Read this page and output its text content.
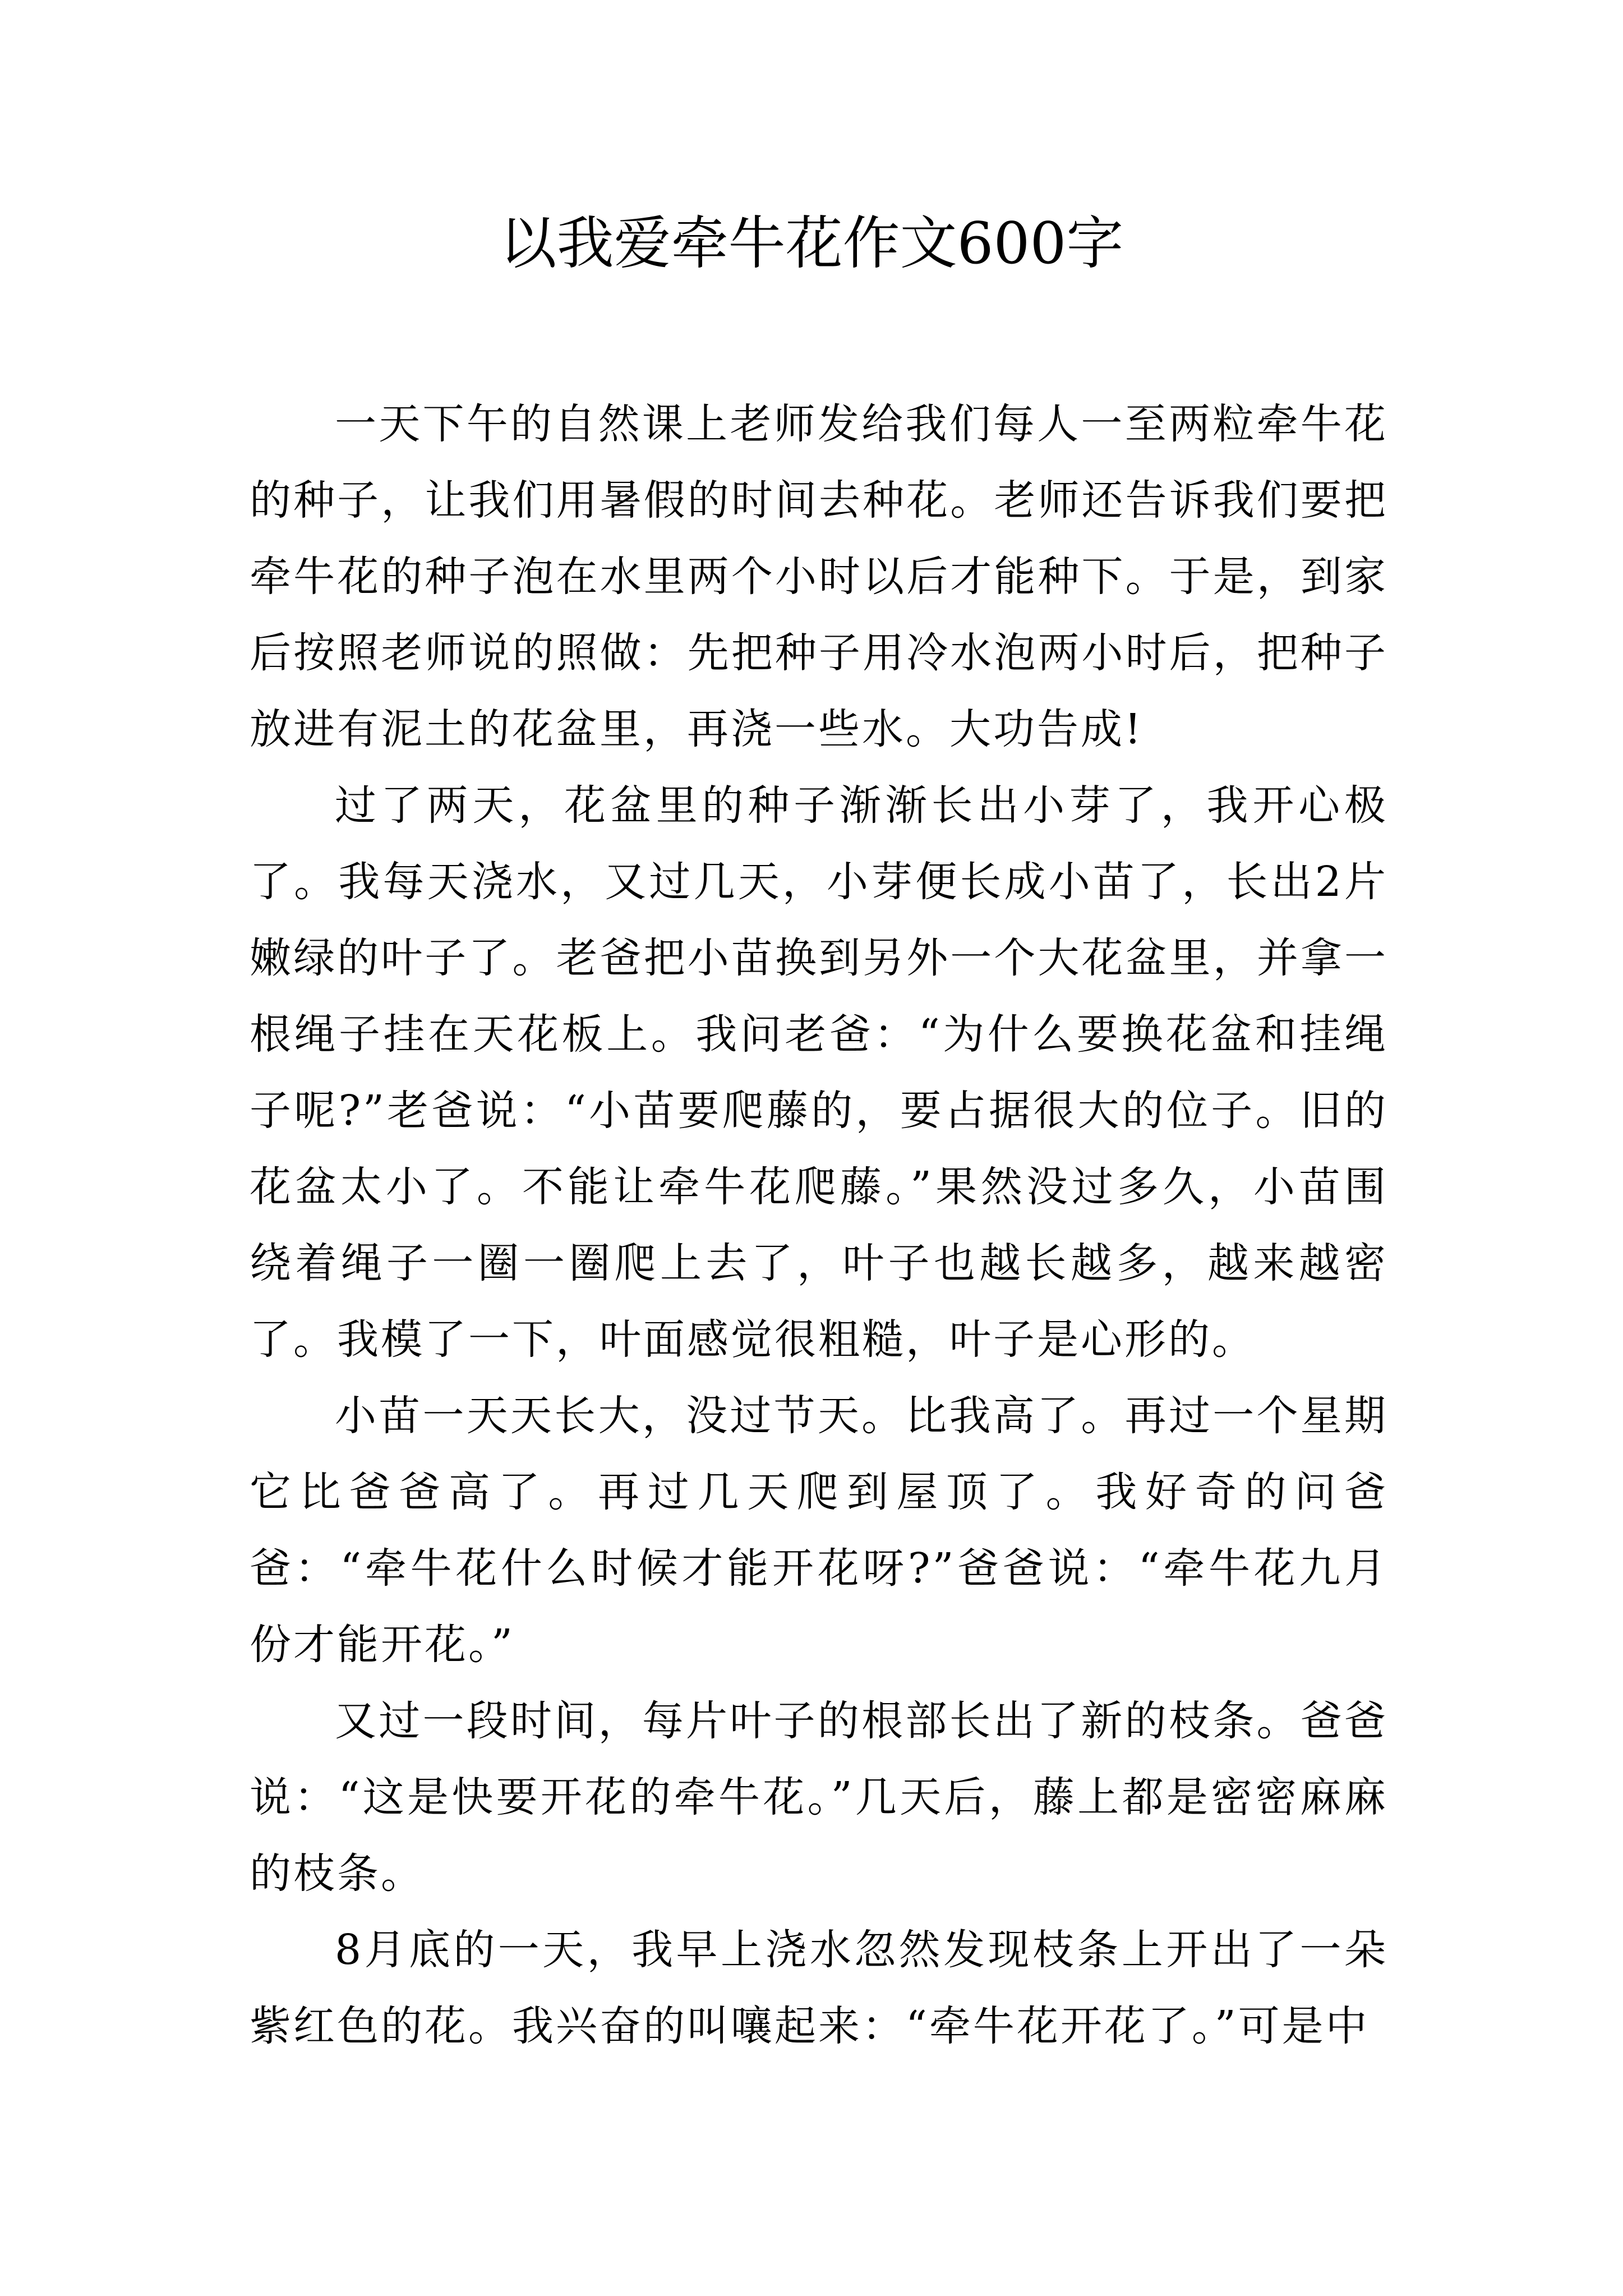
以我爱牵牛花作文600字

一天下午的自然课上老师发给我们每人一至两粒牵牛花的种子，让我们用暑假的时间去种花。老师还告诉我们要把牵牛花的种子泡在水里两个小时以后才能种下。于是，到家后按照老师说的照做：先把种子用冷水泡两小时后，把种子放进有泥土的花盆里，再浇一些水。大功告成!

过了两天，花盆里的种子渐渐长出小芽了，我开心极了。我每天浇水，又过几天，小芽便长成小苗了，长出2片嫩绿的叶子了。老爸把小苗换到另外一个大花盆里，并拿一根绳子挂在天花板上。我问老爸：“为什么要换花盆和挂绳子呢?”老爸说：“小苗要爬藤的，要占据很大的位子。旧的花盆太小了。不能让牵牛花爬藤。”果然没过多久，小苗围绕着绳子一圈一圈爬上去了，叶子也越长越多，越来越密了。我模了一下，叶面感觉很粗糙，叶子是心形的。

小苗一天天长大，没过节天。比我高了。再过一个星期它比爸爸高了。再过几天爬到屋顶了。我好奇的问爸爸：“牵牛花什么时候才能开花呀?”爸爸说：“牵牛花九月份才能开花。”

又过一段时间，每片叶子的根部长出了新的枝条。爸爸说：“这是快要开花的牵牛花。”几天后，藤上都是密密麻麻的枝条。

8月底的一天，我早上浇水忽然发现枝条上开出了一朵紫红色的花。我兴奋的叫嚷起来：“牵牛花开花了。”可是中
